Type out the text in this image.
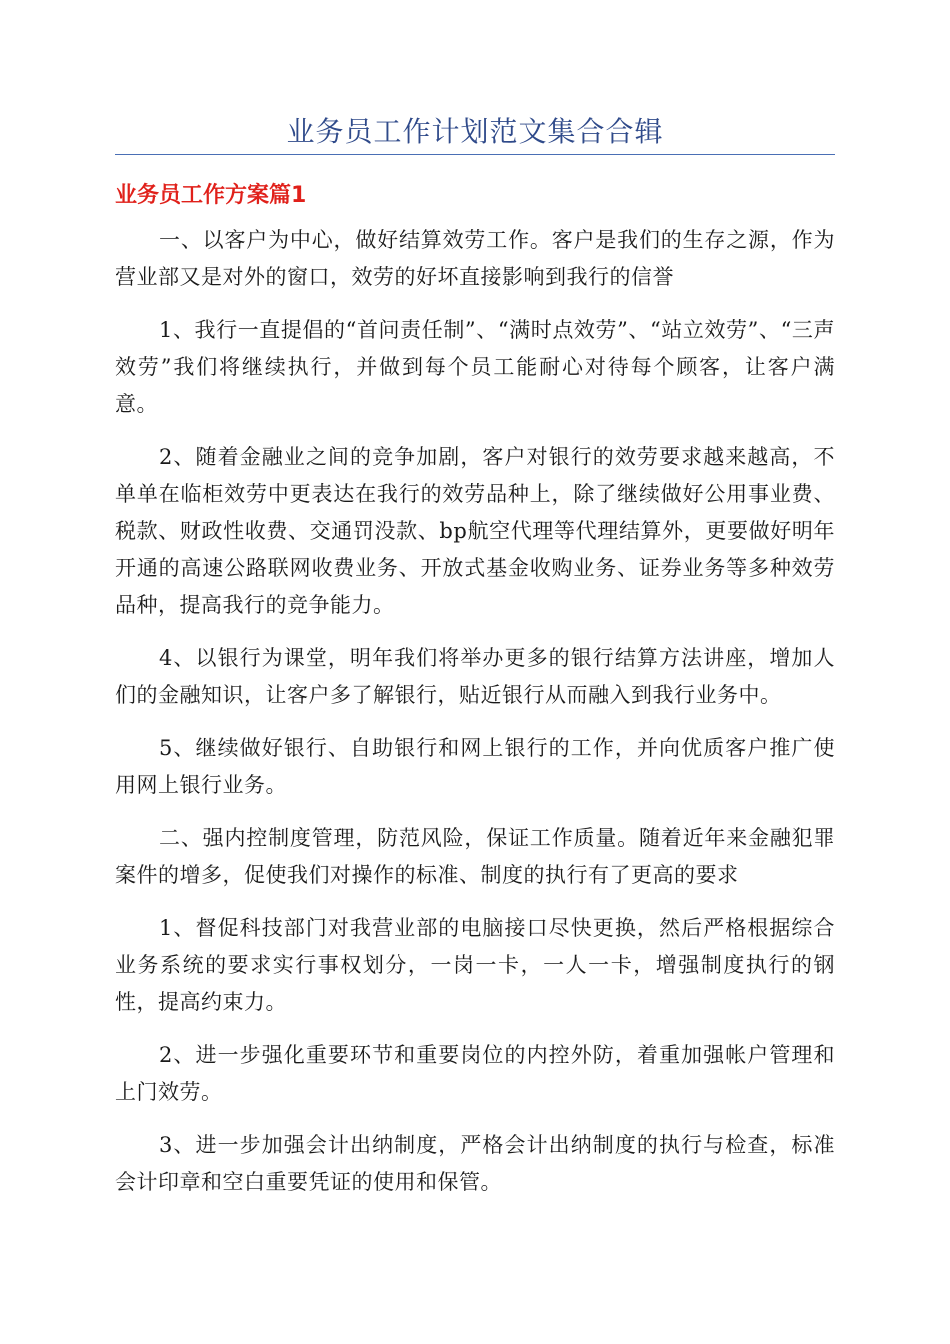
业务员工作计划范文集合合辑
业务员工作方案篇1

一、以客户为中心，做好结算效劳工作。客户是我们的生存之源，作为营业部又是对外的窗口，效劳的好坏直接影响到我行的信誉

1、我行一直提倡的“首问责任制”、“满时点效劳”、“站立效劳”、“三声效劳”我们将继续执行，并做到每个员工能耐心对待每个顾客，让客户满意。

2、随着金融业之间的竞争加剧，客户对银行的效劳要求越来越高，不单单在临柜效劳中更表达在我行的效劳品种上，除了继续做好公用事业费、税款、财政性收费、交通罚没款、bp航空代理等代理结算外，更要做好明年开通的高速公路联网收费业务、开放式基金收购业务、证券业务等多种效劳品种，提高我行的竞争能力。

4、以银行为课堂，明年我们将举办更多的银行结算方法讲座，增加人们的金融知识，让客户多了解银行，贴近银行从而融入到我行业务中。

5、继续做好银行、自助银行和网上银行的工作，并向优质客户推广使用网上银行业务。

二、强内控制度管理，防范风险，保证工作质量。随着近年来金融犯罪案件的增多，促使我们对操作的标准、制度的执行有了更高的要求

1、督促科技部门对我营业部的电脑接口尽快更换，然后严格根据综合业务系统的要求实行事权划分，一岗一卡，一人一卡，增强制度执行的钢性，提高约束力。

2、进一步强化重要环节和重要岗位的内控外防，着重加强帐户管理和上门效劳。

3、进一步加强会计出纳制度，严格会计出纳制度的执行与检查，标准会计印章和空白重要凭证的使用和保管。
